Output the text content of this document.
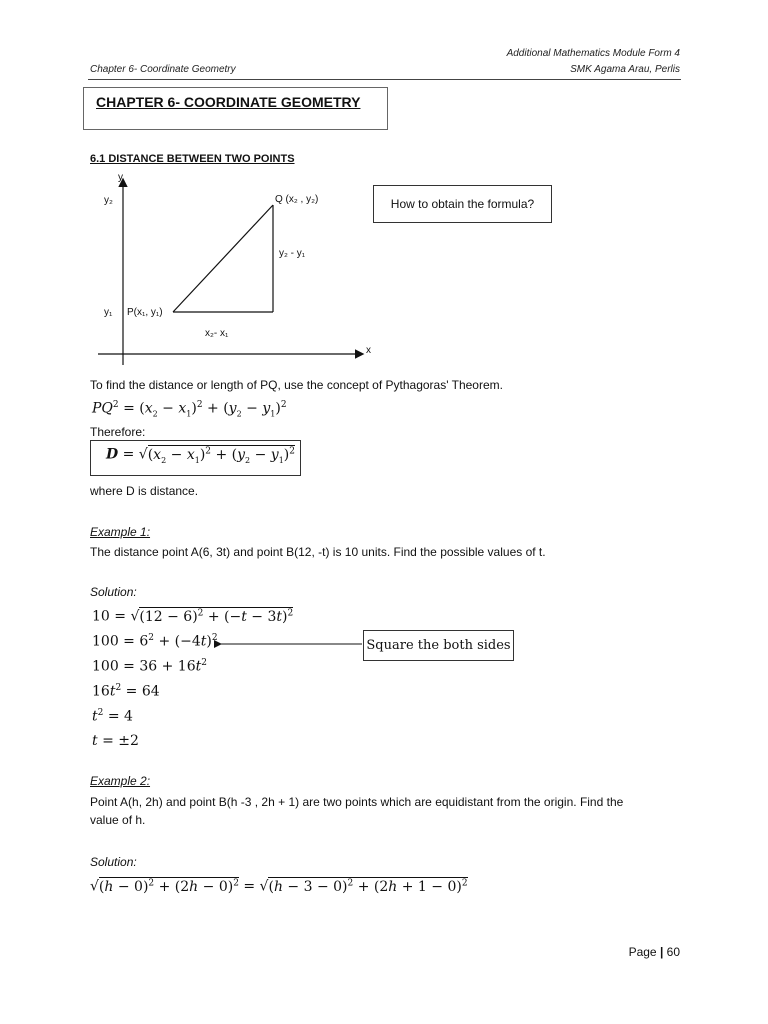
Additional Mathematics Module Form 4
Chapter 6- Coordinate Geometry	SMK Agama Arau, Perlis
CHAPTER 6- COORDINATE GEOMETRY
6.1 DISTANCE BETWEEN TWO POINTS
y
x
y₂
y₁
Q (x₂ , y₂)
P(x₁, y₁)
y₂ - y₁
x₂- x₁
How to obtain the formula?
To find the distance or length of PQ, use the concept of Pythagoras' Theorem.
$PQ^2 = (x_2 - x_1)^2 + (y_2 - y_1)^2$
Therefore:
$D = √(x_2 - x_1)^2 + (y_2 - y_1)^2$
where D is distance.
Example 1:
The distance point A(6, 3t) and point B(12, -t) is 10 units. Find the possible values of t.
Solution:
$10 = √(12 - 6)^2 + (-t - 3t)^2$
$100 = 6^2 + (-4t)^2$
$100 = 36 + 16t^2$
$16t^2 = 64$
$t^2 = 4$
t = ±2
Square the both sides
Example 2:
Point A(h, 2h) and point B(h -3 , 2h + 1) are two points which are equidistant from the origin. Find the
value of h.
Solution:
$√(h - 0)^2 + (2h - 0)^2 = √(h - 3 - 0)^2 + (2h + 1 - 0)^2$
Page | 60
